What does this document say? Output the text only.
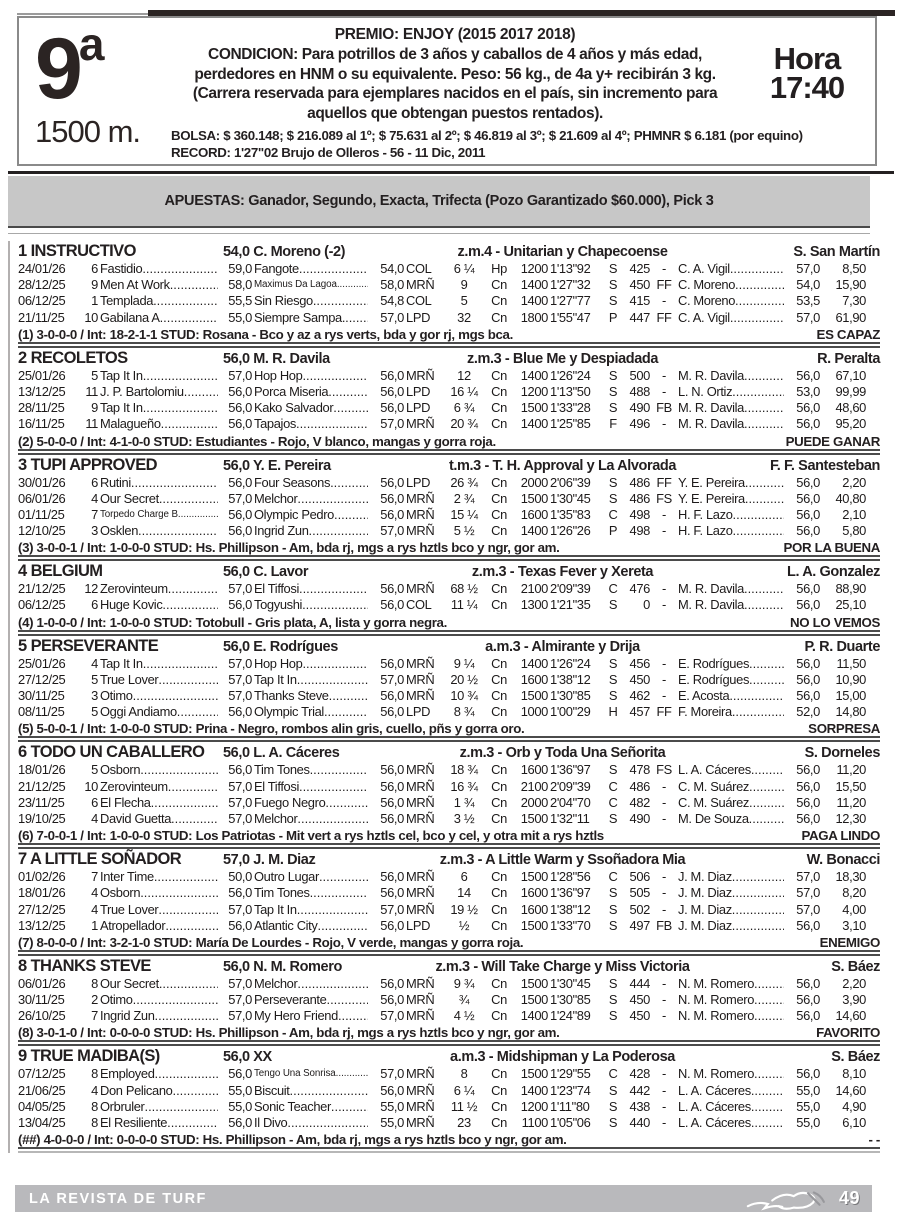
9$^a$
1500 m.
PREMIO: ENJOY (2015 2017 2018)
CONDICION: Para potrillos de 3 años y caballos de 4 años y más edad, perdedores en HNM o su equivalente. Peso: 56 kg., de 4a y+ recibirán 3 kg. (Carrera reservada para ejemplares nacidos en el país, sin incremento para aquellos que obtengan puestos rentados).
Hora
17:40
BOLSA: $ 360.148; $ 216.089 al 1º; $ 75.631 al 2º; $ 46.819 al 3º; $ 21.609 al 4º; PHMNR $ 6.181 (por equino)
RECORD: 1'27"02 Brujo de Olleros - 56 - 11 Dic, 2011
APUESTAS: Ganador, Segundo, Exacta, Trifecta (Pozo Garantizado $60.000), Pick 3
1 INSTRUCTIVO	54,0 C. Moreno (-2)	z.m.4 - Unitarian y Chapecoense	S. San Martín
24/01/26	6 Fastidio .....	59,0 Fangote .....	54,0 COL	6 ¼	Hp	1200 1'13"92	S 425 - C. A. Vigil .....	57,0	8,50
28/12/25	9 Men At Work .....	58,0 Maximus Da Lagoa .....	58,0 MRÑ	9	Cn	1400 1'27"32	S 450 FF C. Moreno .....	54,0	15,90
06/12/25	1 Templada .....	55,5 Sin Riesgo .....	54,8 COL	5	Cn	1400 1'27"77	S 415 - C. Moreno .....	53,5	7,30
21/11/25	10 Gabilana A .....	55,0 Siempre Sampa. .....	57,0 LPD	32	Cn	1800 1'55"47	P 447 FF C. A. Vigil .....	57,0	61,90
(1) 3-0-0-0 / Int: 18-2-1-1 STUD: Rosana - Bco y az a rys verts, bda y gor rj, mgs bca.	ES CAPAZ
2 RECOLETOS	56,0 M. R. Davila	z.m.3 - Blue Me y Despiadada	R. Peralta
25/01/26	5 Tap It In .....	57,0 Hop Hop .....	56,0 MRÑ	12	Cn	1400 1'26"24	S 500 - M. R. Davila .....	56,0	67,10
13/12/25	11 J. P. Bartolomiu .....	56,0 Porca Miseria .....	56,0 LPD	16 ¼	Cn	1200 1'13"50	S 488 - L. N. Ortiz .....	53,0	99,99
28/11/25	9 Tap It In .....	56,0 Kako Salvador .....	56,0 LPD	6 ¾	Cn	1500 1'33"28	S 490 FB M. R. Davila .....	56,0	48,60
16/11/25	11 Malagueño .....	56,0 Tapajos .....	57,0 MRÑ	20 ¾	Cn	1400 1'25"85	F 496 - M. R. Davila .....	56,0	95,20
(2) 5-0-0-0 / Int: 4-1-0-0 STUD: Estudiantes - Rojo, V blanco, mangas y gorra roja.	PUEDE GANAR
3 TUPI APPROVED	56,0 Y. E. Pereira	t.m.3 - T. H. Approval y La Alvorada	F. F. Santesteban
30/01/26	6 Rutini .....	56,0 Four Seasons .....	56,0 LPD	26 ¾	Cn	2000 2'06"39	S 486 FF Y. E. Pereira .....	56,0	2,20
06/01/26	4 Our Secret .....	57,0 Melchor .....	56,0 MRÑ	2 ¾	Cn	1500 1'30"45	S 486 FS Y. E. Pereira .....	56,0	40,80
01/11/25	7 Torpedo Charge B .....	56,0 Olympic Pedro .....	56,0 MRÑ	15 ¼	Cn	1600 1'35"83	C 498 - H. F. Lazo .....	56,0	2,10
12/10/25	3 Osklen .....	56,0 Ingrid Zun .....	57,0 MRÑ	5 ½	Cn	1400 1'26"26	P 498 - H. F. Lazo .....	56,0	5,80
(3) 3-0-0-1 / Int: 1-0-0-0 STUD: Hs. Phillipson - Am, bda rj, mgs a rys hztls bco y ngr, gor am.	POR LA BUENA
4 BELGIUM	56,0 C. Lavor	z.m.3 - Texas Fever y Xereta	L. A. Gonzalez
21/12/25	12 Zerovinteum .....	57,0 El Tiffosi .....	56,0 MRÑ	68 ½	Cn	2100 2'09"39	C 476 - M. R. Davila .....	56,0	88,90
06/12/25	6 Huge Kovic .....	56,0 Togyushi .....	56,0 COL	11 ¼	Cn	1300 1'21"35	S	0 - M. R. Davila .....	56,0	25,10
(4) 1-0-0-0 / Int: 1-0-0-0 STUD: Totobull - Gris plata, A, lista y gorra negra.	NO LO VEMOS
5 PERSEVERANTE	56,0 E. Rodrígues	a.m.3 - Almirante y Drija	P. R. Duarte
25/01/26	4 Tap It In .....	57,0 Hop Hop .....	56,0 MRÑ	9 ¼	Cn	1400 1'26"24	S 456 - E. Rodrígues .....	56,0	11,50
27/12/25	5 True Lover .....	57,0 Tap It In .....	57,0 MRÑ	20 ½	Cn	1600 1'38"12	S 450 - E. Rodrígues .....	56,0	10,90
30/11/25	3 Otimo .....	57,0 Thanks Steve .....	56,0 MRÑ	10 ¾	Cn	1500 1'30"85	S 462 - E. Acosta .....	56,0	15,00
08/11/25	5 Oggi Andiamo .....	56,0 Olympic Trial .....	56,0 LPD	8 ¾	Cn	1000 1'00"29	H 457 FF F. Moreira .....	52,0	14,80
(5) 5-0-0-1 / Int: 1-0-0-0 STUD: Prina - Negro, rombos alin gris, cuello, pñs y gorra oro.	SORPRESA
6 TODO UN CABALLERO	56,0 L. A. Cáceres	z.m.3 - Orb y Toda Una Señorita	S. Dorneles
18/01/26	5 Osborn .....	56,0 Tim Tones .....	56,0 MRÑ	18 ¾	Cn	1600 1'36"97	S 478 FS L. A. Cáceres .....	56,0	11,20
21/12/25	10 Zerovinteum .....	57,0 El Tiffosi .....	56,0 MRÑ	16 ¾	Cn	2100 2'09"39	C 486 - C. M. Suárez .....	56,0	15,50
23/11/25	6 El Flecha .....	57,0 Fuego Negro .....	56,0 MRÑ	1 ¾	Cn	2000 2'04"70	C 482 - C. M. Suárez .....	56,0	11,20
19/10/25	4 David Guetta .....	57,0 Melchor .....	56,0 MRÑ	3 ½	Cn	1500 1'32"11	S 490 - M. De Souza .....	56,0	12,30
(6) 7-0-0-1 / Int: 1-0-0-0 STUD: Los Patriotas - Mit vert a rys hztls cel, bco y cel, y otra mit a rys hztls	PAGA LINDO
7 A LITTLE SOÑADOR	57,0 J. M. Diaz	z.m.3 - A Little Warm y Ssoñadora Mia	W. Bonacci
01/02/26	7 Inter Time .....	50,0 Outro Lugar .....	56,0 MRÑ	6	Cn	1500 1'28"56	C 506 - J. M. Diaz .....	57,0	18,30
18/01/26	4 Osborn .....	56,0 Tim Tones .....	56,0 MRÑ	14	Cn	1600 1'36"97	S 505 - J. M. Diaz .....	57,0	8,20
27/12/25	4 True Lover .....	57,0 Tap It In .....	57,0 MRÑ	19 ½	Cn	1600 1'38"12	S 502 - J. M. Diaz .....	57,0	4,00
13/12/25	1 Atropellador .....	56,0 Atlantic City .....	56,0 LPD	½	Cn	1500 1'33"70	S 497 FB J. M. Diaz .....	56,0	3,10
(7) 8-0-0-0 / Int: 3-2-1-0 STUD: María De Lourdes - Rojo, V verde, mangas y gorra roja.	ENEMIGO
8 THANKS STEVE	56,0 N. M. Romero	z.m.3 - Will Take Charge y Miss Victoria	S. Báez
06/01/26	8 Our Secret .....	57,0 Melchor .....	56,0 MRÑ	9 ¾	Cn	1500 1'30"45	S 444 - N. M. Romero .....	56,0	2,20
30/11/25	2 Otimo .....	57,0 Perseverante .....	56,0 MRÑ	¾	Cn	1500 1'30"85	S 450 - N. M. Romero .....	56,0	3,90
26/10/25	7 Ingrid Zun .....	57,0 My Hero Friend .....	57,0 MRÑ	4 ½	Cn	1400 1'24"89	S 450 - N. M. Romero .....	56,0	14,60
(8) 3-0-1-0 / Int: 0-0-0-0 STUD: Hs. Phillipson - Am, bda rj, mgs a rys hztls bco y ngr, gor am.	FAVORITO
9 TRUE MADIBA(S)	56,0 XX	a.m.3 - Midshipman y La Poderosa	S. Báez
07/12/25	8 Employed .....	56,0 Tengo Una Sonrisa .....	57,0 MRÑ	8	Cn	1500 1'29"55	C 428 - N. M. Romero .....	56,0	8,10
21/06/25	4 Don Pelicano .....	55,0 Biscuit .....	56,0 MRÑ	6 ¼	Cn	1400 1'23"74	S 442 - L. A. Cáceres .....	55,0	14,60
04/05/25	8 Orbruler .....	55,0 Sonic Teacher .....	55,0 MRÑ	11 ½	Cn	1200 1'11"80	S 438 - L. A. Cáceres .....	55,0	4,90
13/04/25	8 El Resiliente .....	56,0 Il Divo .....	55,0 MRÑ	23	Cn	1100 1'05"06	S 440 - L. A. Cáceres .....	55,0	6,10
(##) 4-0-0-0 / Int: 0-0-0-0 STUD: Hs. Phillipson - Am, bda rj, mgs a rys hztls bco y ngr, gor am.	- -
LA REVISTA DE TURF	49
